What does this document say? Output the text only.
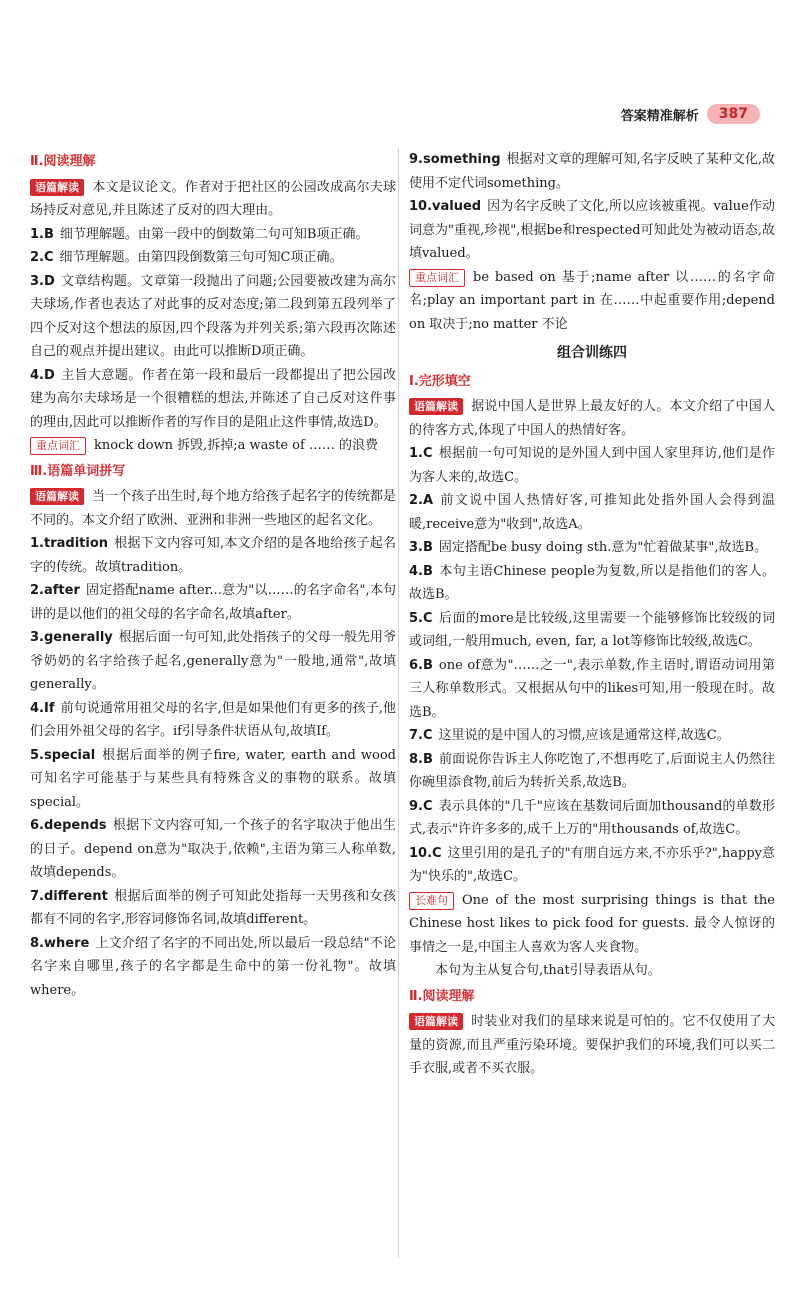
答案精准解析	387
Ⅱ.阅读理解

语篇解读 本文是议论文。作者对于把社区的公园改成高尔夫球场持反对意见,并且陈述了反对的四大理由。

1.B 细节理解题。由第一段中的倒数第二句可知B项正确。

2.C 细节理解题。由第四段倒数第三句可知C项正确。

3.D 文章结构题。文章第一段抛出了问题;公园要被改建为高尔夫球场,作者也表达了对此事的反对态度;第二段到第五段列举了四个反对这个想法的原因,四个段落为并列关系;第六段再次陈述自己的观点并提出建议。由此可以推断D项正确。

4.D 主旨大意题。作者在第一段和最后一段都提出了把公园改建为高尔夫球场是一个很糟糕的想法,并陈述了自己反对这件事的理由,因此可以推断作者的写作目的是阻止这件事情,故选D。

重点词汇 knock down 拆毁,拆掉;a waste of …… 的浪费

Ⅲ.语篇单词拼写

语篇解读 当一个孩子出生时,每个地方给孩子起名字的传统都是不同的。本文介绍了欧洲、亚洲和非洲一些地区的起名文化。

1.tradition 根据下文内容可知,本文介绍的是各地给孩子起名字的传统。故填tradition。

2.after 固定搭配name after...意为"以……的名字命名",本句讲的是以他们的祖父母的名字命名,故填after。

3.generally 根据后面一句可知,此处指孩子的父母一般先用爷爷奶奶的名字给孩子起名,generally意为"一般地,通常",故填generally。

4.If 前句说通常用祖父母的名字,但是如果他们有更多的孩子,他们会用外祖父母的名字。if引导条件状语从句,故填If。

5.special 根据后面举的例子fire, water, earth and wood可知名字可能基于与某些具有特殊含义的事物的联系。故填special。

6.depends 根据下文内容可知,一个孩子的名字取决于他出生的日子。depend on意为"取决于,依赖",主语为第三人称单数,故填depends。

7.different 根据后面举的例子可知此处指每一天男孩和女孩都有不同的名字,形容词修饰名词,故填different。

8.where 上文介绍了名字的不同出处,所以最后一段总结"不论名字来自哪里,孩子的名字都是生命中的第一份礼物"。故填where。

9.something 根据对文章的理解可知,名字反映了某种文化,故使用不定代词something。

10.valued 因为名字反映了文化,所以应该被重视。value作动词意为"重视,珍视",根据be和respected可知此处为被动语态,故填valued。

重点词汇 be based on 基于;name after 以……的名字命名;play an important part in 在……中起重要作用;depend on 取决于;no matter 不论

组合训练四
Ⅰ.完形填空

语篇解读 据说中国人是世界上最友好的人。本文介绍了中国人的待客方式,体现了中国人的热情好客。

1.C 根据前一句可知说的是外国人到中国人家里拜访,他们是作为客人来的,故选C。

2.A 前文说中国人热情好客,可推知此处指外国人会得到温暖,receive意为"收到",故选A。

3.B 固定搭配be busy doing sth.意为"忙着做某事",故选B。

4.B 本句主语Chinese people为复数,所以是指他们的客人。故选B。

5.C 后面的more是比较级,这里需要一个能够修饰比较级的词或词组,一般用much, even, far, a lot等修饰比较级,故选C。

6.B one of意为"……之一",表示单数,作主语时,谓语动词用第三人称单数形式。又根据从句中的likes可知,用一般现在时。故选B。

7.C 这里说的是中国人的习惯,应该是通常这样,故选C。

8.B 前面说你告诉主人你吃饱了,不想再吃了,后面说主人仍然往你碗里添食物,前后为转折关系,故选B。

9.C 表示具体的"几千"应该在基数词后面加thousand的单数形式,表示"许许多多的,成千上万的"用thousands of,故选C。

10.C 这里引用的是孔子的"有朋自远方来,不亦乐乎?",happy意为"快乐的",故选C。

长难句 One of the most surprising things is that the Chinese host likes to pick food for guests. 最令人惊讶的事情之一是,中国主人喜欢为客人夹食物。

本句为主从复合句,that引导表语从句。

Ⅱ.阅读理解

语篇解读 时装业对我们的星球来说是可怕的。它不仅使用了大量的资源,而且严重污染环境。要保护我们的环境,我们可以买二手衣服,或者不买衣服。
